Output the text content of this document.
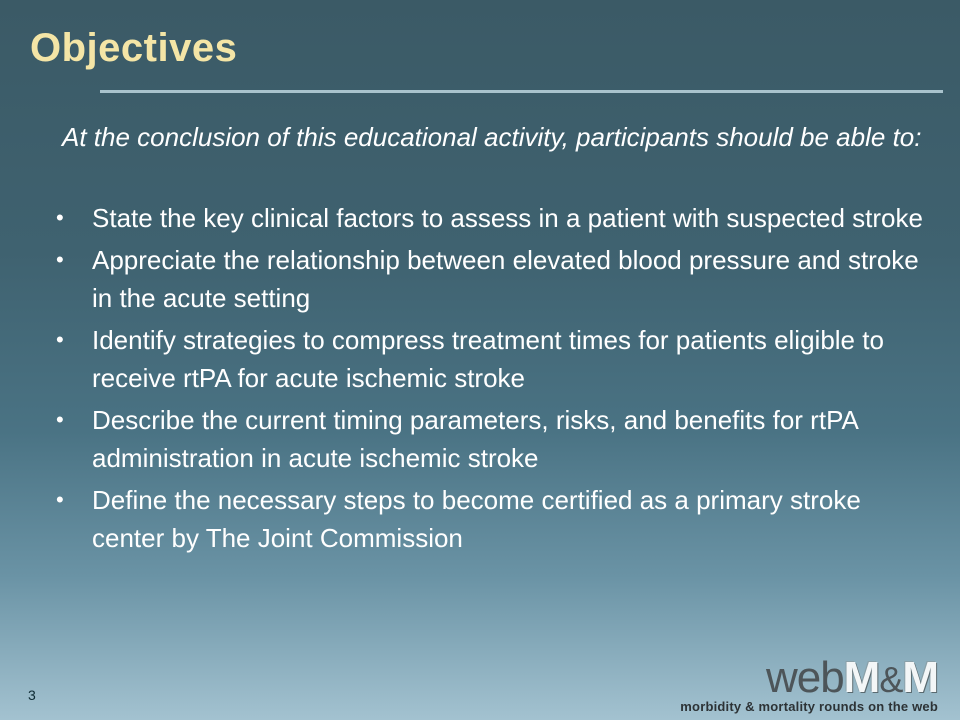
Objectives

At the conclusion of this educational activity, participants should be able to:

•	State the key clinical factors to assess in a patient with suspected stroke
•	Appreciate the relationship between elevated blood pressure and stroke in the acute setting
•	Identify strategies to compress treatment times for patients eligible to receive rtPA for acute ischemic stroke
•	Describe the current timing parameters, risks, and benefits for rtPA administration in acute ischemic stroke
•	Define the necessary steps to become certified as a primary stroke center by The Joint Commission
3	webM&M
morbidity & mortality rounds on the web
